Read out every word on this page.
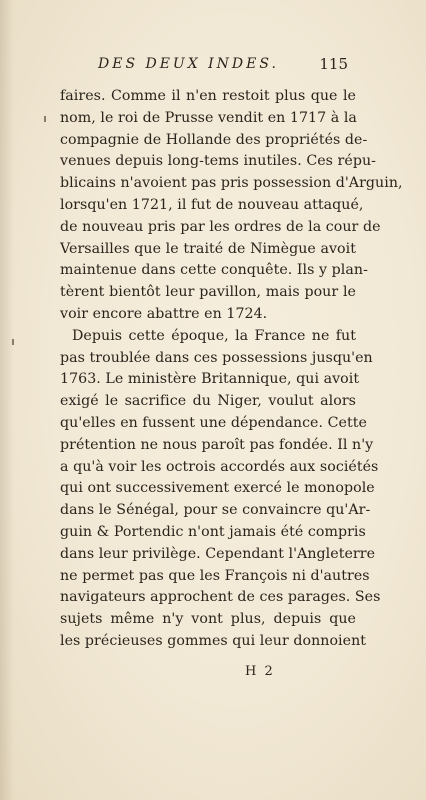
DES DEUX INDES.	115
faires. Comme il n'en restoit plus que le
nom, le roi de Prusse vendit en 1717 à la
compagnie de Hollande des propriétés de-
venues depuis long-tems inutiles. Ces répu-
blicains n'avoient pas pris possession d'Arguin,
lorsqu'en 1721, il fut de nouveau attaqué,
de nouveau pris par les ordres de la cour de
Versailles que le traité de Nimègue avoit
maintenue dans cette conquête. Ils y plan-
tèrent bientôt leur pavillon, mais pour le
voir encore abattre en 1724.
Depuis cette époque, la France ne fut
pas troublée dans ces possessions jusqu'en
1763. Le ministère Britannique, qui avoit
exigé le sacrifice du Niger, voulut alors
qu'elles en fussent une dépendance. Cette
prétention ne nous paroît pas fondée. Il n'y
a qu'à voir les octrois accordés aux sociétés
qui ont successivement exercé le monopole
dans le Sénégal, pour se convaincre qu'Ar-
guin & Portendic n'ont jamais été compris
dans leur privilège. Cependant l'Angleterre
ne permet pas que les François ni d'autres
navigateurs approchent de ces parages. Ses
sujets même n'y vont plus, depuis que
les précieuses gommes qui leur donnoient
H 2
